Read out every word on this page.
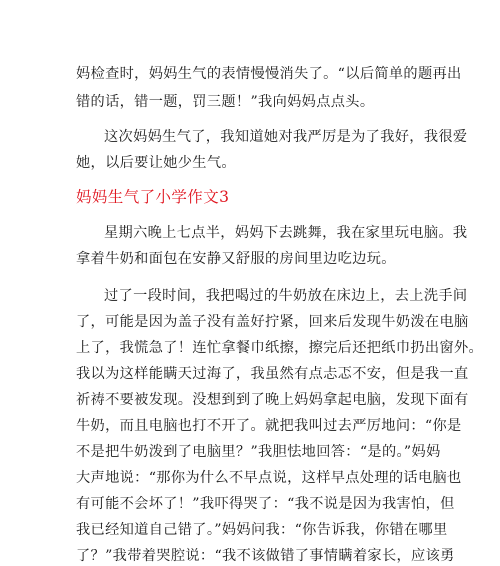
妈检查时，妈妈生气的表情慢慢消失了。“以后简单的题再出
错的话，错一题，罚三题！”我向妈妈点点头。
这次妈妈生气了，我知道她对我严厉是为了我好，我很爱
她，以后要让她少生气。
妈妈生气了小学作文3
星期六晚上七点半，妈妈下去跳舞，我在家里玩电脑。我
拿着牛奶和面包在安静又舒服的房间里边吃边玩。
过了一段时间，我把喝过的牛奶放在床边上，去上洗手间
了，可能是因为盖子没有盖好拧紧，回来后发现牛奶泼在电脑
上了，我慌急了！连忙拿餐巾纸擦，擦完后还把纸巾扔出窗外。
我以为这样能瞒天过海了，我虽然有点忐忑不安，但是我一直
祈祷不要被发现。没想到到了晚上妈妈拿起电脑，发现下面有
牛奶，而且电脑也打不开了。就把我叫过去严厉地问：“你是
不是把牛奶泼到了电脑里？”我胆怯地回答：“是的。”妈妈
大声地说：“那你为什么不早点说，这样早点处理的话电脑也
有可能不会坏了！”我吓得哭了：“我不说是因为我害怕，但
我已经知道自己错了。”妈妈问我：“你告诉我，你错在哪里
了？”我带着哭腔说：“我不该做错了事情瞒着家长，应该勇
